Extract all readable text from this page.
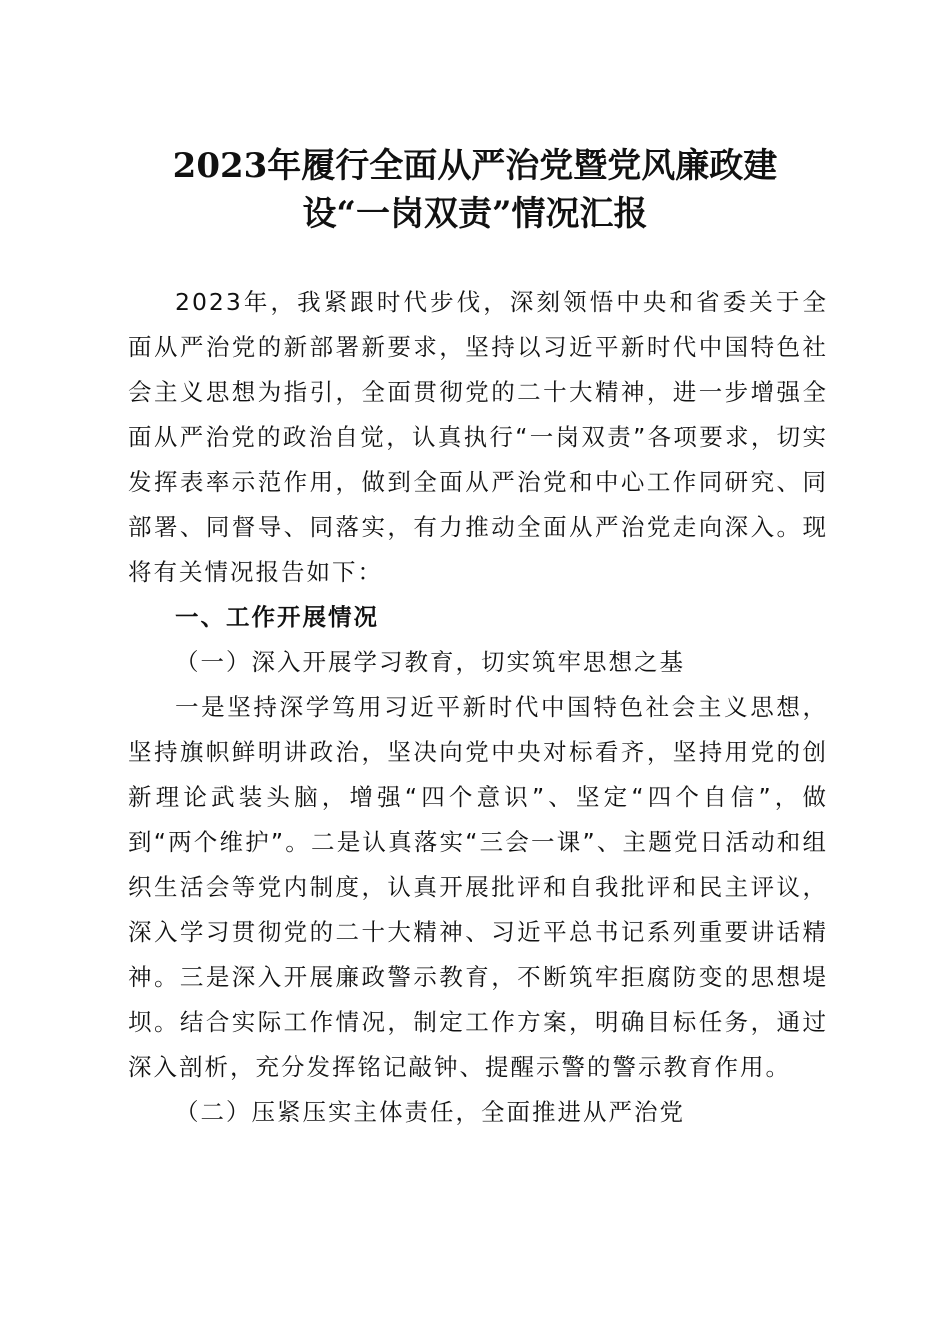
2023年履行全面从严治党暨党风廉政建
设“一岗双责”情况汇报

2023年，我紧跟时代步伐，深刻领悟中央和省委关于全面从严治党的新部署新要求，坚持以习近平新时代中国特色社会主义思想为指引，全面贯彻党的二十大精神，进一步增强全面从严治党的政治自觉，认真执行“一岗双责”各项要求，切实发挥表率示范作用，做到全面从严治党和中心工作同研究、同部署、同督导、同落实，有力推动全面从严治党走向深入。现将有关情况报告如下：

一、工作开展情况

（一）深入开展学习教育，切实筑牢思想之基

一是坚持深学笃用习近平新时代中国特色社会主义思想，坚持旗帜鲜明讲政治，坚决向党中央对标看齐，坚持用党的创新理论武装头脑，增强“四个意识”、坚定“四个自信”，做到“两个维护”。二是认真落实“三会一课”、主题党日活动和组织生活会等党内制度，认真开展批评和自我批评和民主评议，深入学习贯彻党的二十大精神、习近平总书记系列重要讲话精神。三是深入开展廉政警示教育，不断筑牢拒腐防变的思想堤坝。结合实际工作情况，制定工作方案，明确目标任务，通过深入剖析，充分发挥铭记敲钟、提醒示警的警示教育作用。

（二）压紧压实主体责任，全面推进从严治党
